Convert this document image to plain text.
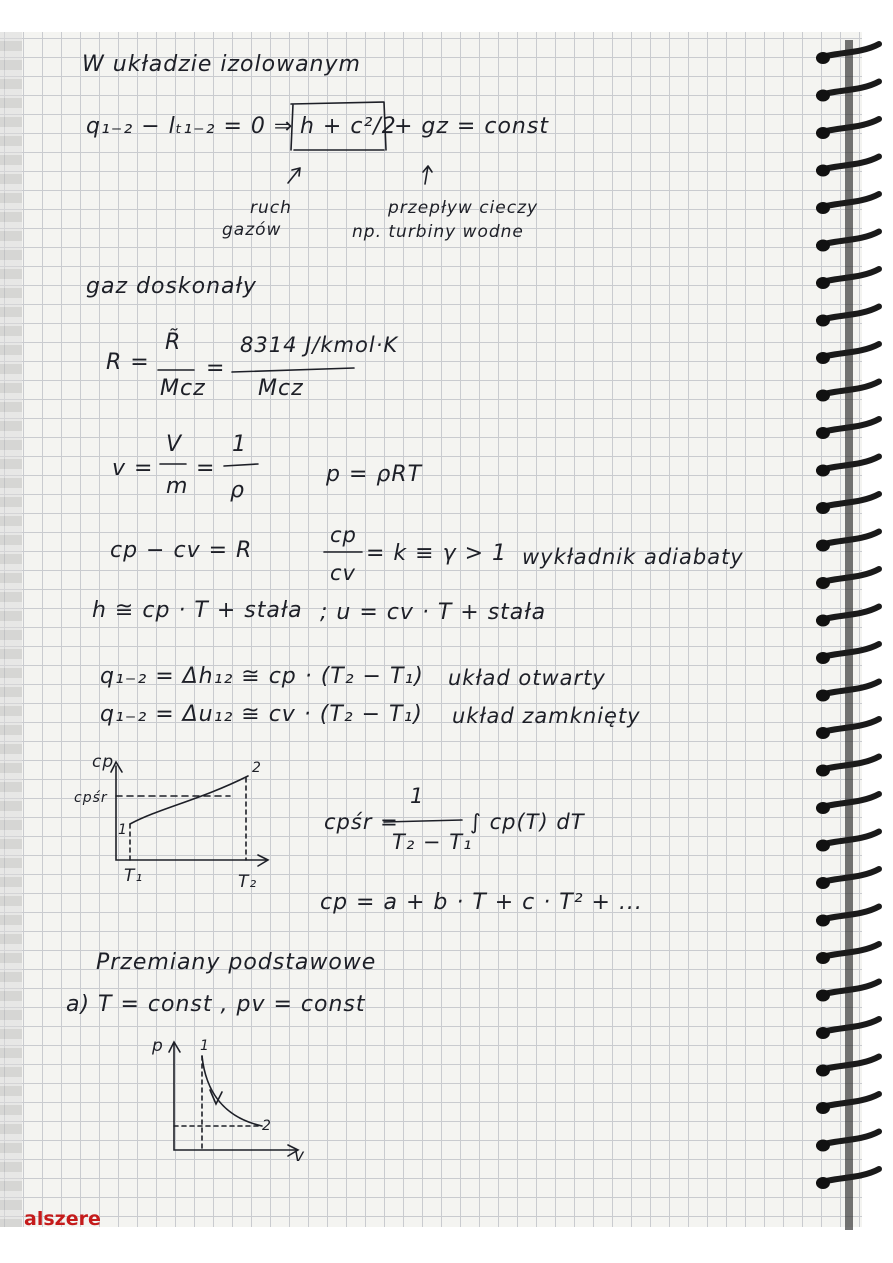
W układzie izolowanym
q₁₋₂ − lₜ₁₋₂ = 0 ⇒ h + c²/2
+ gz = const
ruch
gazów
przepływ cieczy
np. turbiny wodne
gaz doskonały
R =
R̃
Mcz
=
8314 J/kmol·K
Mcz
v =
V
m
=
1
ρ
p = ρRT
cp − cv = R
cp
cv
= k ≡ γ > 1 wykładnik adiabaty
h ≅ cp · T + stała ; u = cv · T + stała
q₁₋₂ = Δh₁₂ ≅ cp · (T₂ − T₁) układ otwarty
q₁₋₂ = Δu₁₂ ≅ cv · (T₂ − T₁) układ zamknięty
cp
cpśr
1
2
T₁	T₂
cpśr =
1
T₂ − T₁
∫ cp(T) dT
cp = a + b · T + c · T² + ...
Przemiany podstawowe
a) T = const , pv = const
p
v
1
2
alszere
